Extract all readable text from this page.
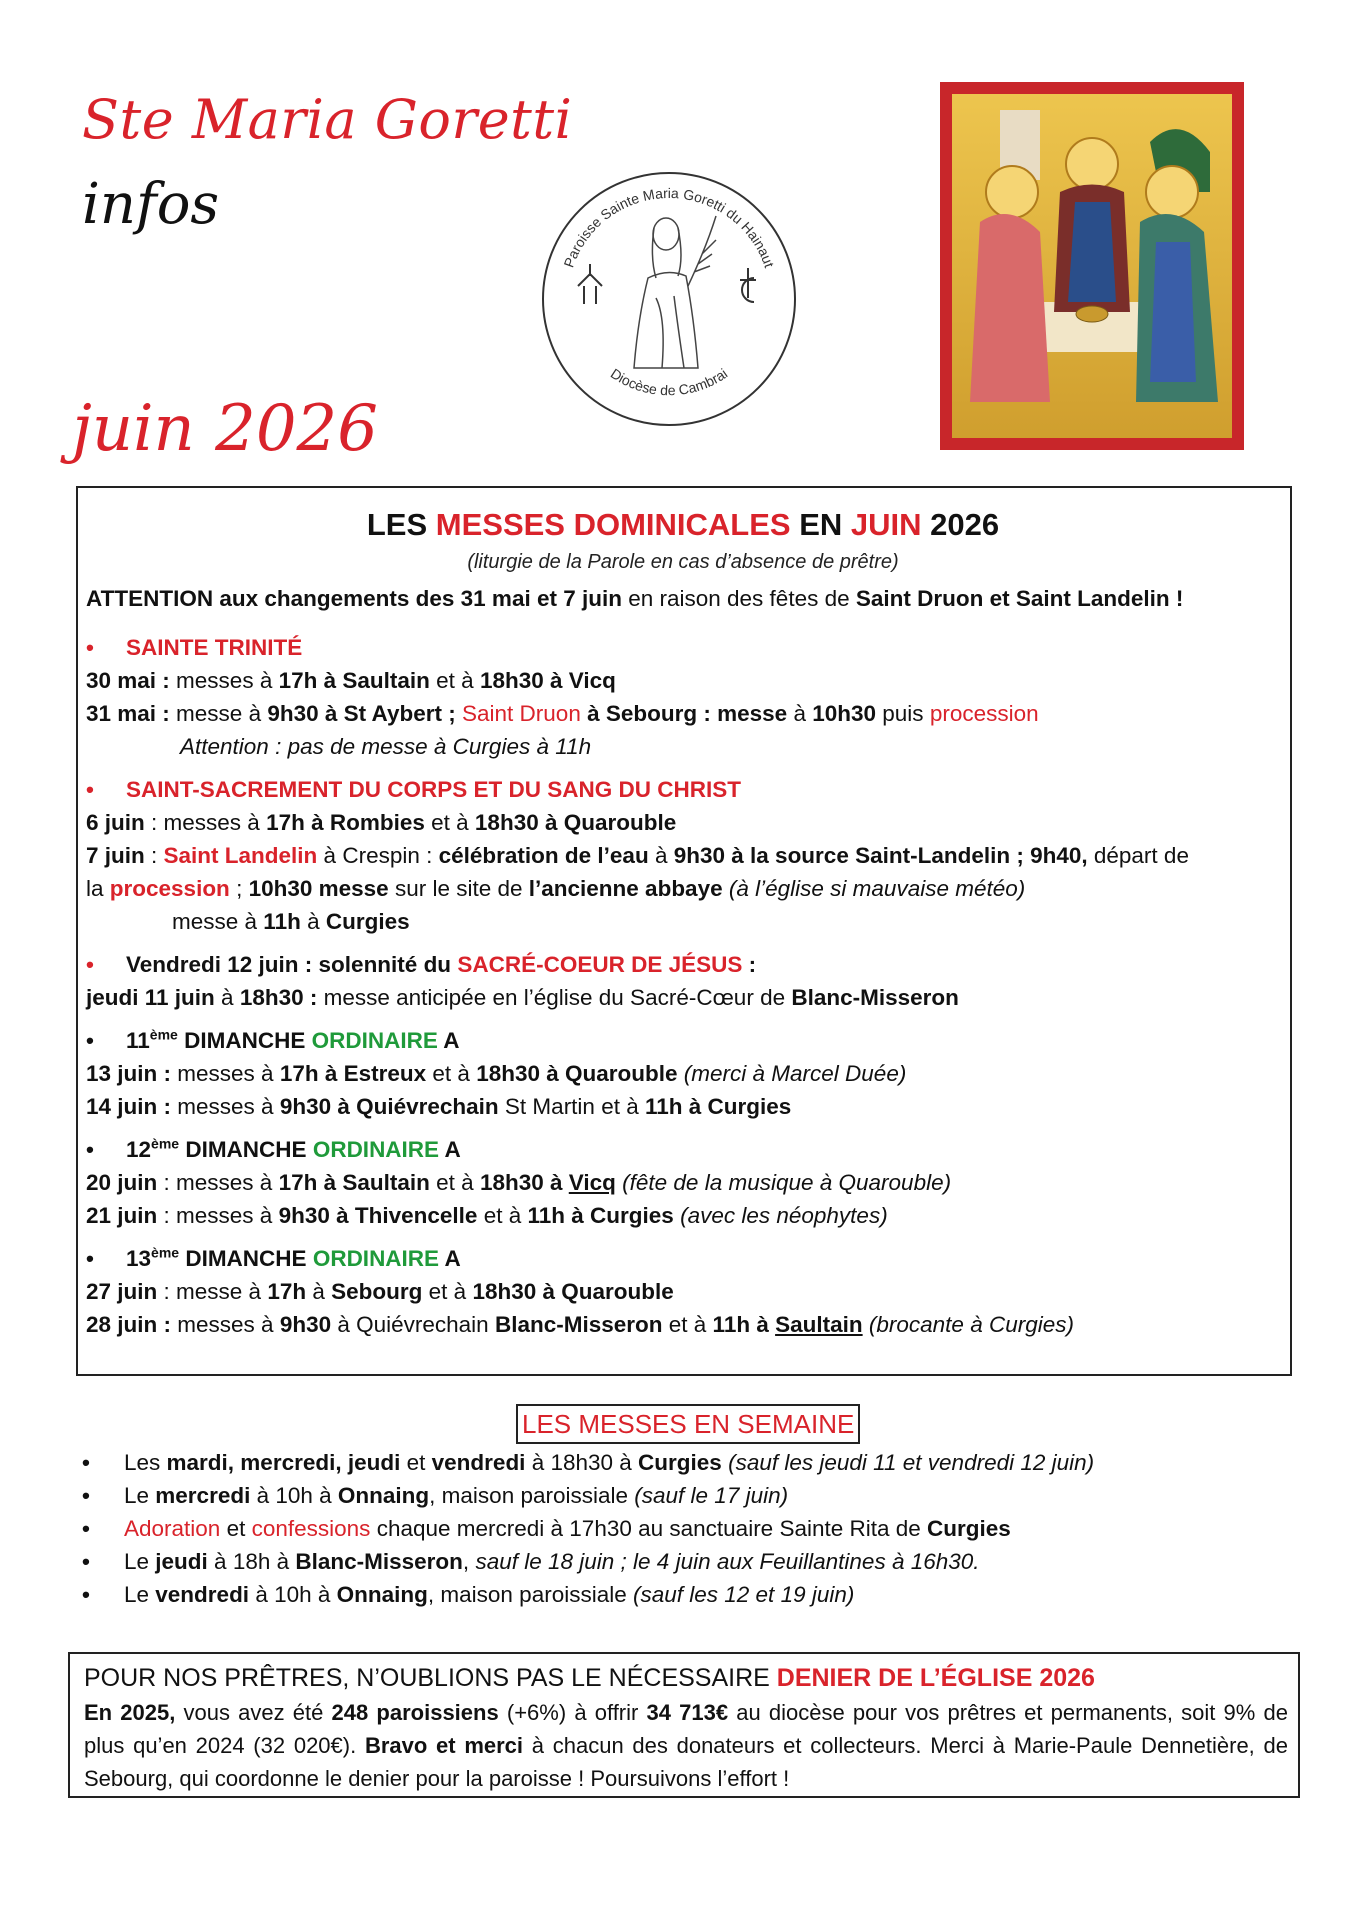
Ste Maria Goretti
infos
juin 2026
Paroisse Sainte Maria Goretti du Hainaut
Diocèse de Cambrai
LES MESSES DOMINICALES EN JUIN 2026
(liturgie de la Parole en cas d’absence de prêtre)
ATTENTION aux changements des 31 mai et 7 juin en raison des fêtes de Saint Druon et Saint Landelin !
• SAINTE TRINITÉ
30 mai : messes à 17h à Saultain et à 18h30 à Vicq
31 mai : messe à 9h30 à St Aybert ; Saint Druon à Sebourg : messe à 10h30 puis procession
Attention : pas de messe à Curgies à 11h
• SAINT-SACREMENT DU CORPS ET DU SANG DU CHRIST
6 juin : messes à 17h à Rombies et à 18h30 à Quarouble
7 juin : Saint Landelin à Crespin : célébration de l’eau à 9h30 à la source Saint-Landelin ; 9h40, départ de
la procession ; 10h30 messe sur le site de l’ancienne abbaye (à l’église si mauvaise météo)
messe à 11h à Curgies
• Vendredi 12 juin : solennité du SACRÉ-COEUR DE JÉSUS :
jeudi 11 juin à 18h30 : messe anticipée en l’église du Sacré-Cœur de Blanc-Misseron
• 11ème DIMANCHE ORDINAIRE A
13 juin : messes à 17h à Estreux et à 18h30 à Quarouble (merci à Marcel Duée)
14 juin : messes à 9h30 à Quiévrechain St Martin et à 11h à Curgies
• 12ème DIMANCHE ORDINAIRE A
20 juin : messes à 17h à Saultain et à 18h30 à Vicq (fête de la musique à Quarouble)
21 juin : messes à 9h30 à Thivencelle et à 11h à Curgies (avec les néophytes)
• 13ème DIMANCHE ORDINAIRE A
27 juin : messe à 17h à Sebourg et à 18h30 à Quarouble
28 juin : messes à 9h30 à Quiévrechain Blanc-Misseron et à 11h à Saultain (brocante à Curgies)
LES MESSES EN SEMAINE
• Les mardi, mercredi, jeudi et vendredi à 18h30 à Curgies (sauf les jeudi 11 et vendredi 12 juin)
• Le mercredi à 10h à Onnaing, maison paroissiale (sauf le 17 juin)
• Adoration et confessions chaque mercredi à 17h30 au sanctuaire Sainte Rita de Curgies
• Le jeudi à 18h à Blanc-Misseron, sauf le 18 juin ; le 4 juin aux Feuillantines à 16h30.
• Le vendredi à 10h à Onnaing, maison paroissiale (sauf les 12 et 19 juin)
POUR NOS PRÊTRES, N’OUBLIONS PAS LE NÉCESSAIRE DENIER DE L’ÉGLISE 2026
En 2025, vous avez été 248 paroissiens (+6%) à offrir 34 713€ au diocèse pour vos prêtres et permanents, soit 9% de plus qu’en 2024 (32 020€). Bravo et merci à chacun des donateurs et collecteurs. Merci à Marie-Paule Dennetière, de Sebourg, qui coordonne le denier pour la paroisse ! Poursuivons l’effort !
